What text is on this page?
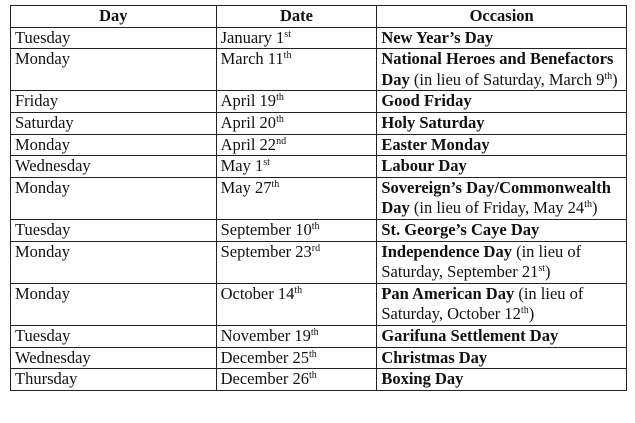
Day	Date	Occasion
Tuesday	January 1st	New Year’s Day
Monday	March 11th	National Heroes and Benefactors Day (in lieu of Saturday, March 9th)
Friday	April 19th	Good Friday
Saturday	April 20th	Holy Saturday
Monday	April 22nd	Easter Monday
Wednesday	May 1st	Labour Day
Monday	May 27th	Sovereign’s Day/Commonwealth Day (in lieu of Friday, May 24th)
Tuesday	September 10th	St. George’s Caye Day
Monday	September 23rd	Independence Day (in lieu of Saturday, September 21st)
Monday	October 14th	Pan American Day (in lieu of Saturday, October 12th)
Tuesday	November 19th	Garifuna Settlement Day
Wednesday	December 25th	Christmas Day
Thursday	December 26th	Boxing Day
